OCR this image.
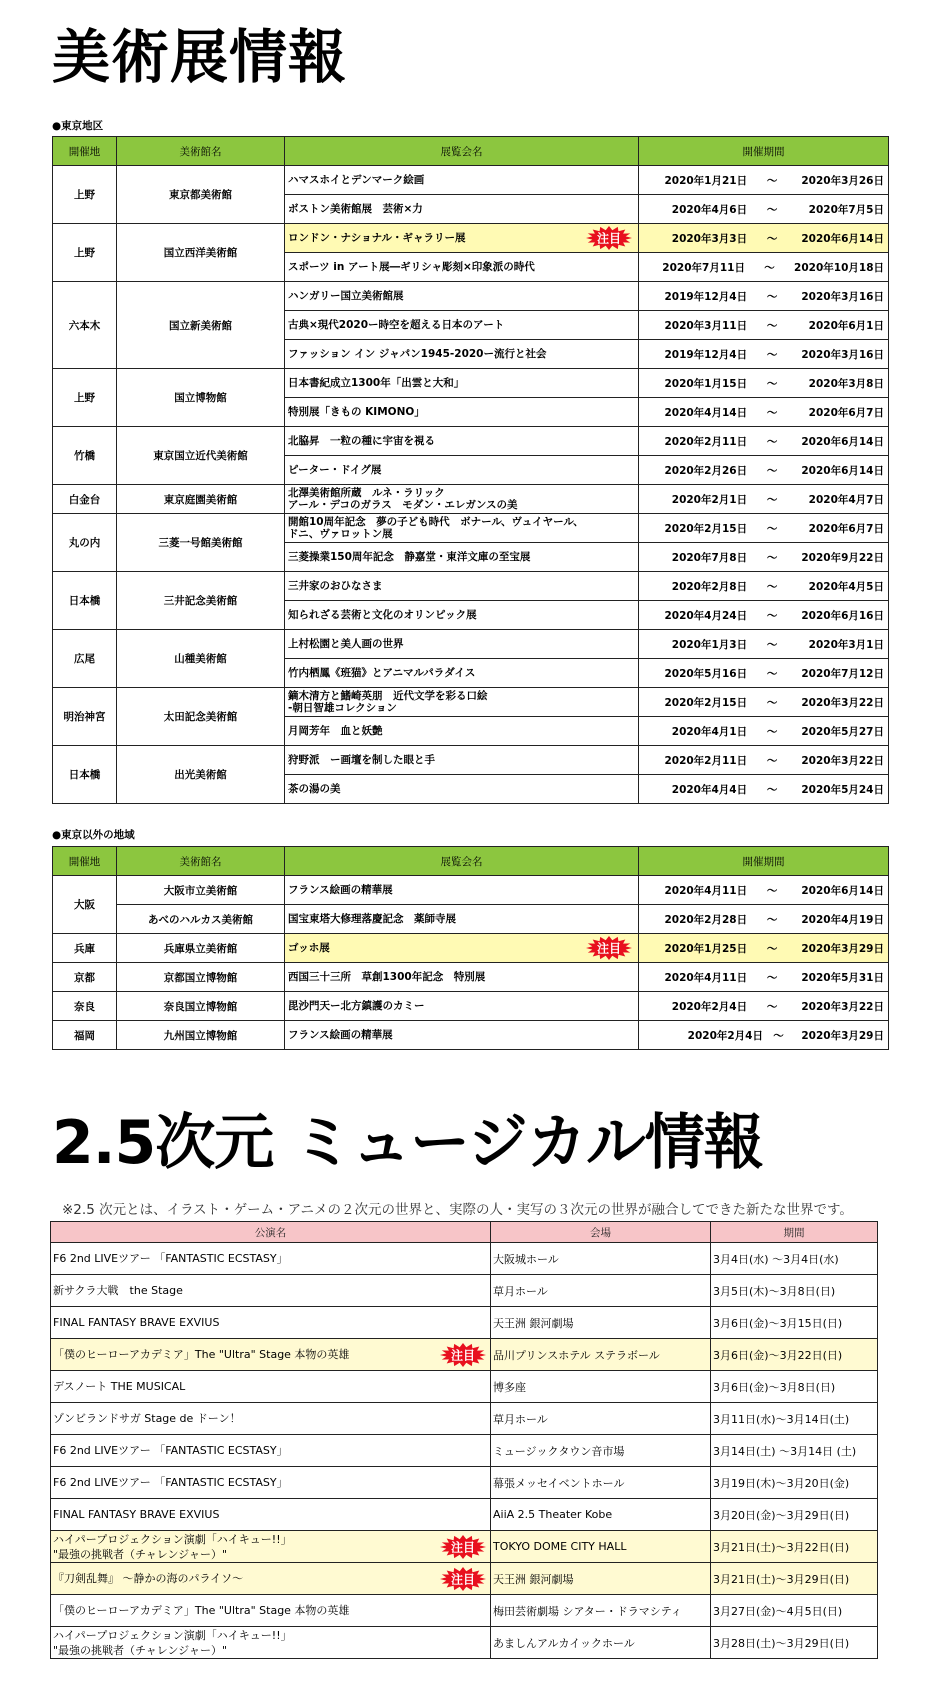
美術展情報
●東京地区
開催地	美術館名	展覧会名	開催期間
上野	東京都美術館	ハマスホイとデンマーク絵画	2020年1月21日 〜 2020年3月26日

		ボストン美術館展　芸術×力	2020年4月6日 〜 2020年7月5日

上野	国立西洋美術館	ロンドン・ナショナル・ギャラリー展 注目	2020年3月3日 〜 2020年6月14日

		スポーツ in アート展―ギリシャ彫刻×印象派の時代	2020年7月11日 〜 2020年10月18日

六本木	国立新美術館	ハンガリー国立美術館展	2019年12月4日 〜 2020年3月16日

		古典×現代2020ー時空を超える日本のアート	2020年3月11日 〜 2020年6月1日

		ファッション イン ジャパン1945-2020ー流行と社会	2019年12月4日 〜 2020年3月16日

上野	国立博物館	日本書紀成立1300年「出雲と大和」	2020年1月15日 〜 2020年3月8日

		特別展「きもの KIMONO」	2020年4月14日 〜 2020年6月7日

竹橋	東京国立近代美術館	北脇昇　一粒の種に宇宙を視る	2020年2月11日 〜 2020年6月14日

		ピーター・ドイグ展	2020年2月26日 〜 2020年6月14日

白金台	東京庭園美術館	北澤美術館所蔵　ルネ・ラリック
アール・デコのガラス　モダン・エレガンスの美	2020年2月1日 〜 2020年4月7日

丸の内	三菱一号館美術館	開館10周年記念　夢の子ども時代　ボナール、ヴュイヤール、
ドニ、ヴァロットン展	2020年2月15日 〜 2020年6月7日

		三菱操業150周年記念　静嘉堂・東洋文庫の至宝展	2020年7月8日 〜 2020年9月22日

日本橋	三井記念美術館	三井家のおひなさま	2020年2月8日 〜 2020年4月5日

		知られざる芸術と文化のオリンピック展	2020年4月24日 〜 2020年6月16日

広尾	山種美術館	上村松園と美人画の世界	2020年1月3日 〜 2020年3月1日

		竹内栖鳳《班猫》とアニマルパラダイス	2020年5月16日 〜 2020年7月12日

明治神宮	太田記念美術館	鏑木清方と鰭崎英朋　近代文学を彩る口絵
-朝日智雄コレクション	2020年2月15日 〜 2020年3月22日

		月岡芳年　血と妖艶	2020年4月1日 〜 2020年5月27日

日本橋	出光美術館	狩野派　ー画壇を制した眼と手	2020年2月11日 〜 2020年3月22日

		茶の湯の美	2020年4月4日 〜 2020年5月24日
●東京以外の地域
開催地	美術館名	展覧会名	開催期間
大阪	大阪市立美術館	フランス絵画の精華展	2020年4月11日 〜 2020年6月14日

	あべのハルカス美術館	国宝東塔大修理落慶記念　薬師寺展	2020年2月28日 〜 2020年4月19日

兵庫	兵庫県立美術館	ゴッホ展 注目	2020年1月25日 〜 2020年3月29日

京都	京都国立博物館	西国三十三所　草創1300年記念　特別展	2020年4月11日 〜 2020年5月31日

奈良	奈良国立博物館	毘沙門天ー北方鎮護のカミー	2020年2月4日 〜 2020年3月22日

福岡	九州国立博物館	フランス絵画の精華展	2020年2月4日 〜 2020年3月29日
2.5次元 ミュージカル情報
※2.5 次元とは、イラスト・ゲーム・アニメの２次元の世界と、実際の人・実写の３次元の世界が融合してできた新たな世界です。
公演名	会場	期間

F6 2nd LIVEツアー 「FANTASTIC ECSTASY」	大阪城ホール	3月4日(水) ～3月4日(水)

新サクラ大戦　the Stage	草月ホール	3月5日(木)～3月8日(日)

FINAL FANTASY BRAVE EXVIUS	天王洲 銀河劇場	3月6日(金)～3月15日(日)

「僕のヒーローアカデミア」The "Ultra" Stage 本物の英雄 注目	品川プリンスホテル ステラボール	3月6日(金)～3月22日(日)

デスノート THE MUSICAL	博多座	3月6日(金)～3月8日(日)

ゾンビランドサガ Stage de ドーン！	草月ホール	3月11日(水)～3月14日(土)

F6 2nd LIVEツアー 「FANTASTIC ECSTASY」	ミュージックタウン音市場	3月14日(土) ～3月14日 (土)

F6 2nd LIVEツアー 「FANTASTIC ECSTASY」	幕張メッセイベントホール	3月19日(木)～3月20日(金)

FINAL FANTASY BRAVE EXVIUS	AiiA 2.5 Theater Kobe	3月20日(金)～3月29日(日)

ハイパープロジェクション演劇「ハイキュー!!」
"最強の挑戦者（チャレンジャー）" 注目	TOKYO DOME CITY HALL	3月21日(土)～3月22日(日)

『刀剣乱舞』 ～静かの海のパライソ～ 注目	天王洲 銀河劇場	3月21日(土)～3月29日(日)

「僕のヒーローアカデミア」The "Ultra" Stage 本物の英雄	梅田芸術劇場 シアター・ドラマシティ	3月27日(金)～4月5日(日)

ハイパープロジェクション演劇「ハイキュー!!」
"最強の挑戦者（チャレンジャー）"	あましんアルカイックホール	3月28日(土)～3月29日(日)
